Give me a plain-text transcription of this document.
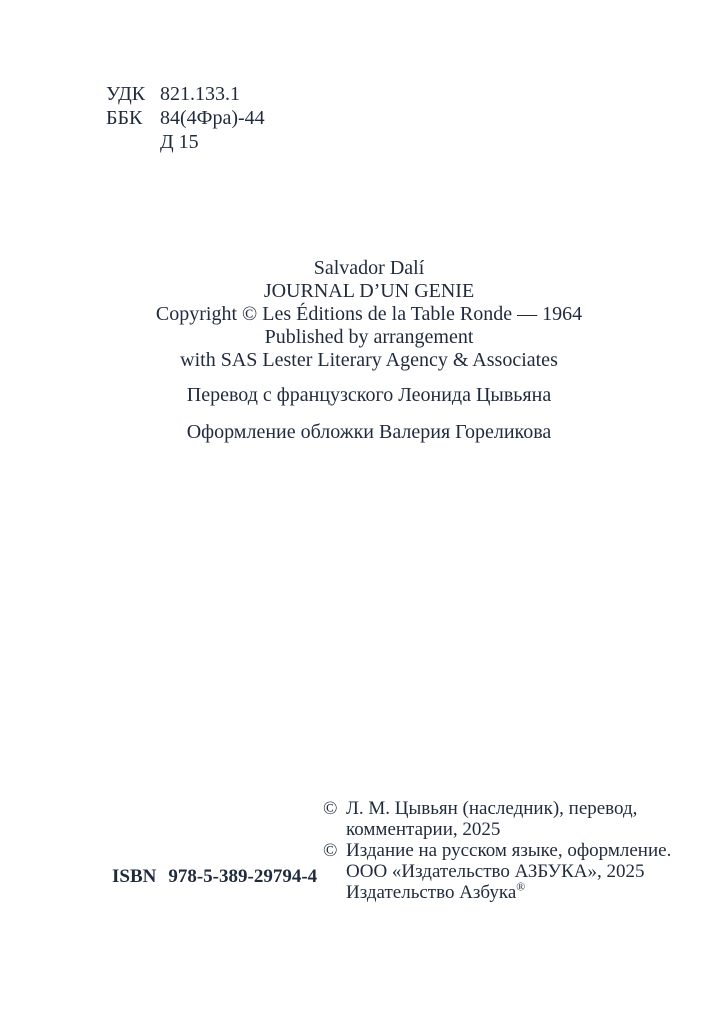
УДК 821.133.1
ББК 84(4Фра)-44
Д 15
Salvador Dalí
JOURNAL D’UN GENIE
Copyright © Les Éditions de la Table Ronde — 1964
Published by arrangement
with SAS Lester Literary Agency & Associates
Перевод с французского Леонида Цывьяна
Оформление обложки Валерия Гореликова
© Л. М. Цывьян (наследник), перевод,
комментарии, 2025
© Издание на русском языке, оформление.
ООО «Издательство АЗБУКА», 2025
Издательство Азбука®
ISBN 978-5-389-29794-4
